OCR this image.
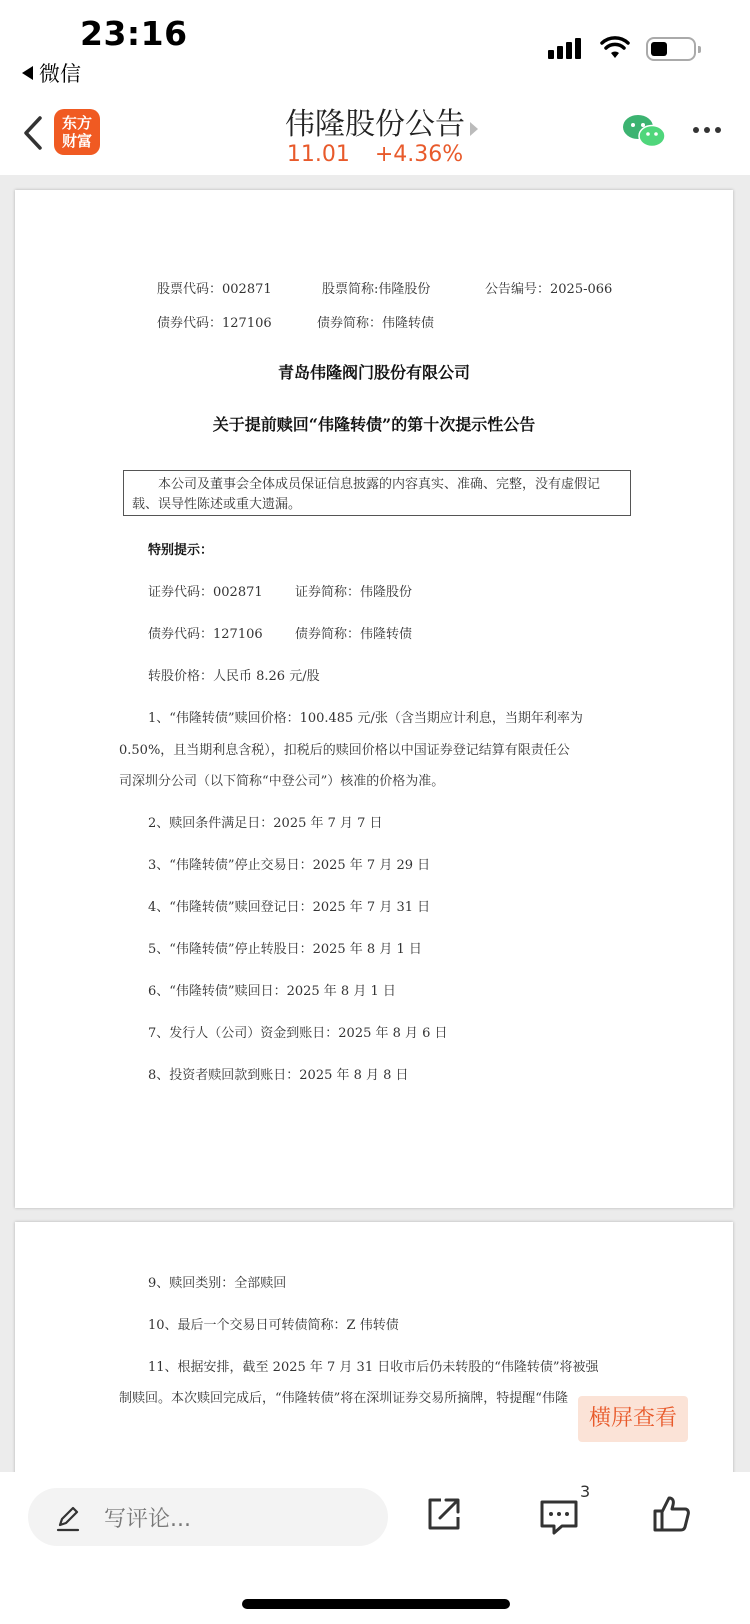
23:16
微信
东方
财富	伟隆股份公告
11.01 +4.36%
股票代码：002871	股票简称:伟隆股份	公告编号：2025-066
债券代码：127106	债券简称：伟隆转债
青岛伟隆阀门股份有限公司
关于提前赎回“伟隆转债”的第十次提示性公告
本公司及董事会全体成员保证信息披露的内容真实、准确、完整，没有虚假记载、误导性陈述或重大遗漏。
特别提示：
证券代码：002871 证券简称：伟隆股份
债券代码：127106 债券简称：伟隆转债
转股价格：人民币 8.26 元/股
1、“伟隆转债”赎回价格：100.485 元/张（含当期应计利息，当期年利率为
0.50%，且当期利息含税），扣税后的赎回价格以中国证券登记结算有限责任公
司深圳分公司（以下简称“中登公司”）核准的价格为准。
2、赎回条件满足日：2025 年 7 月 7 日
3、“伟隆转债”停止交易日：2025 年 7 月 29 日
4、“伟隆转债”赎回登记日：2025 年 7 月 31 日
5、“伟隆转债”停止转股日：2025 年 8 月 1 日
6、“伟隆转债”赎回日：2025 年 8 月 1 日
7、发行人（公司）资金到账日：2025 年 8 月 6 日
8、投资者赎回款到账日：2025 年 8 月 8 日
9、赎回类别：全部赎回
10、最后一个交易日可转债简称：Z 伟转债
11、根据安排，截至 2025 年 7 月 31 日收市后仍未转股的“伟隆转债”将被强
制赎回。本次赎回完成后，“伟隆转债”将在深圳证券交易所摘牌，特提醒“伟隆
横屏查看
写评论...
3
